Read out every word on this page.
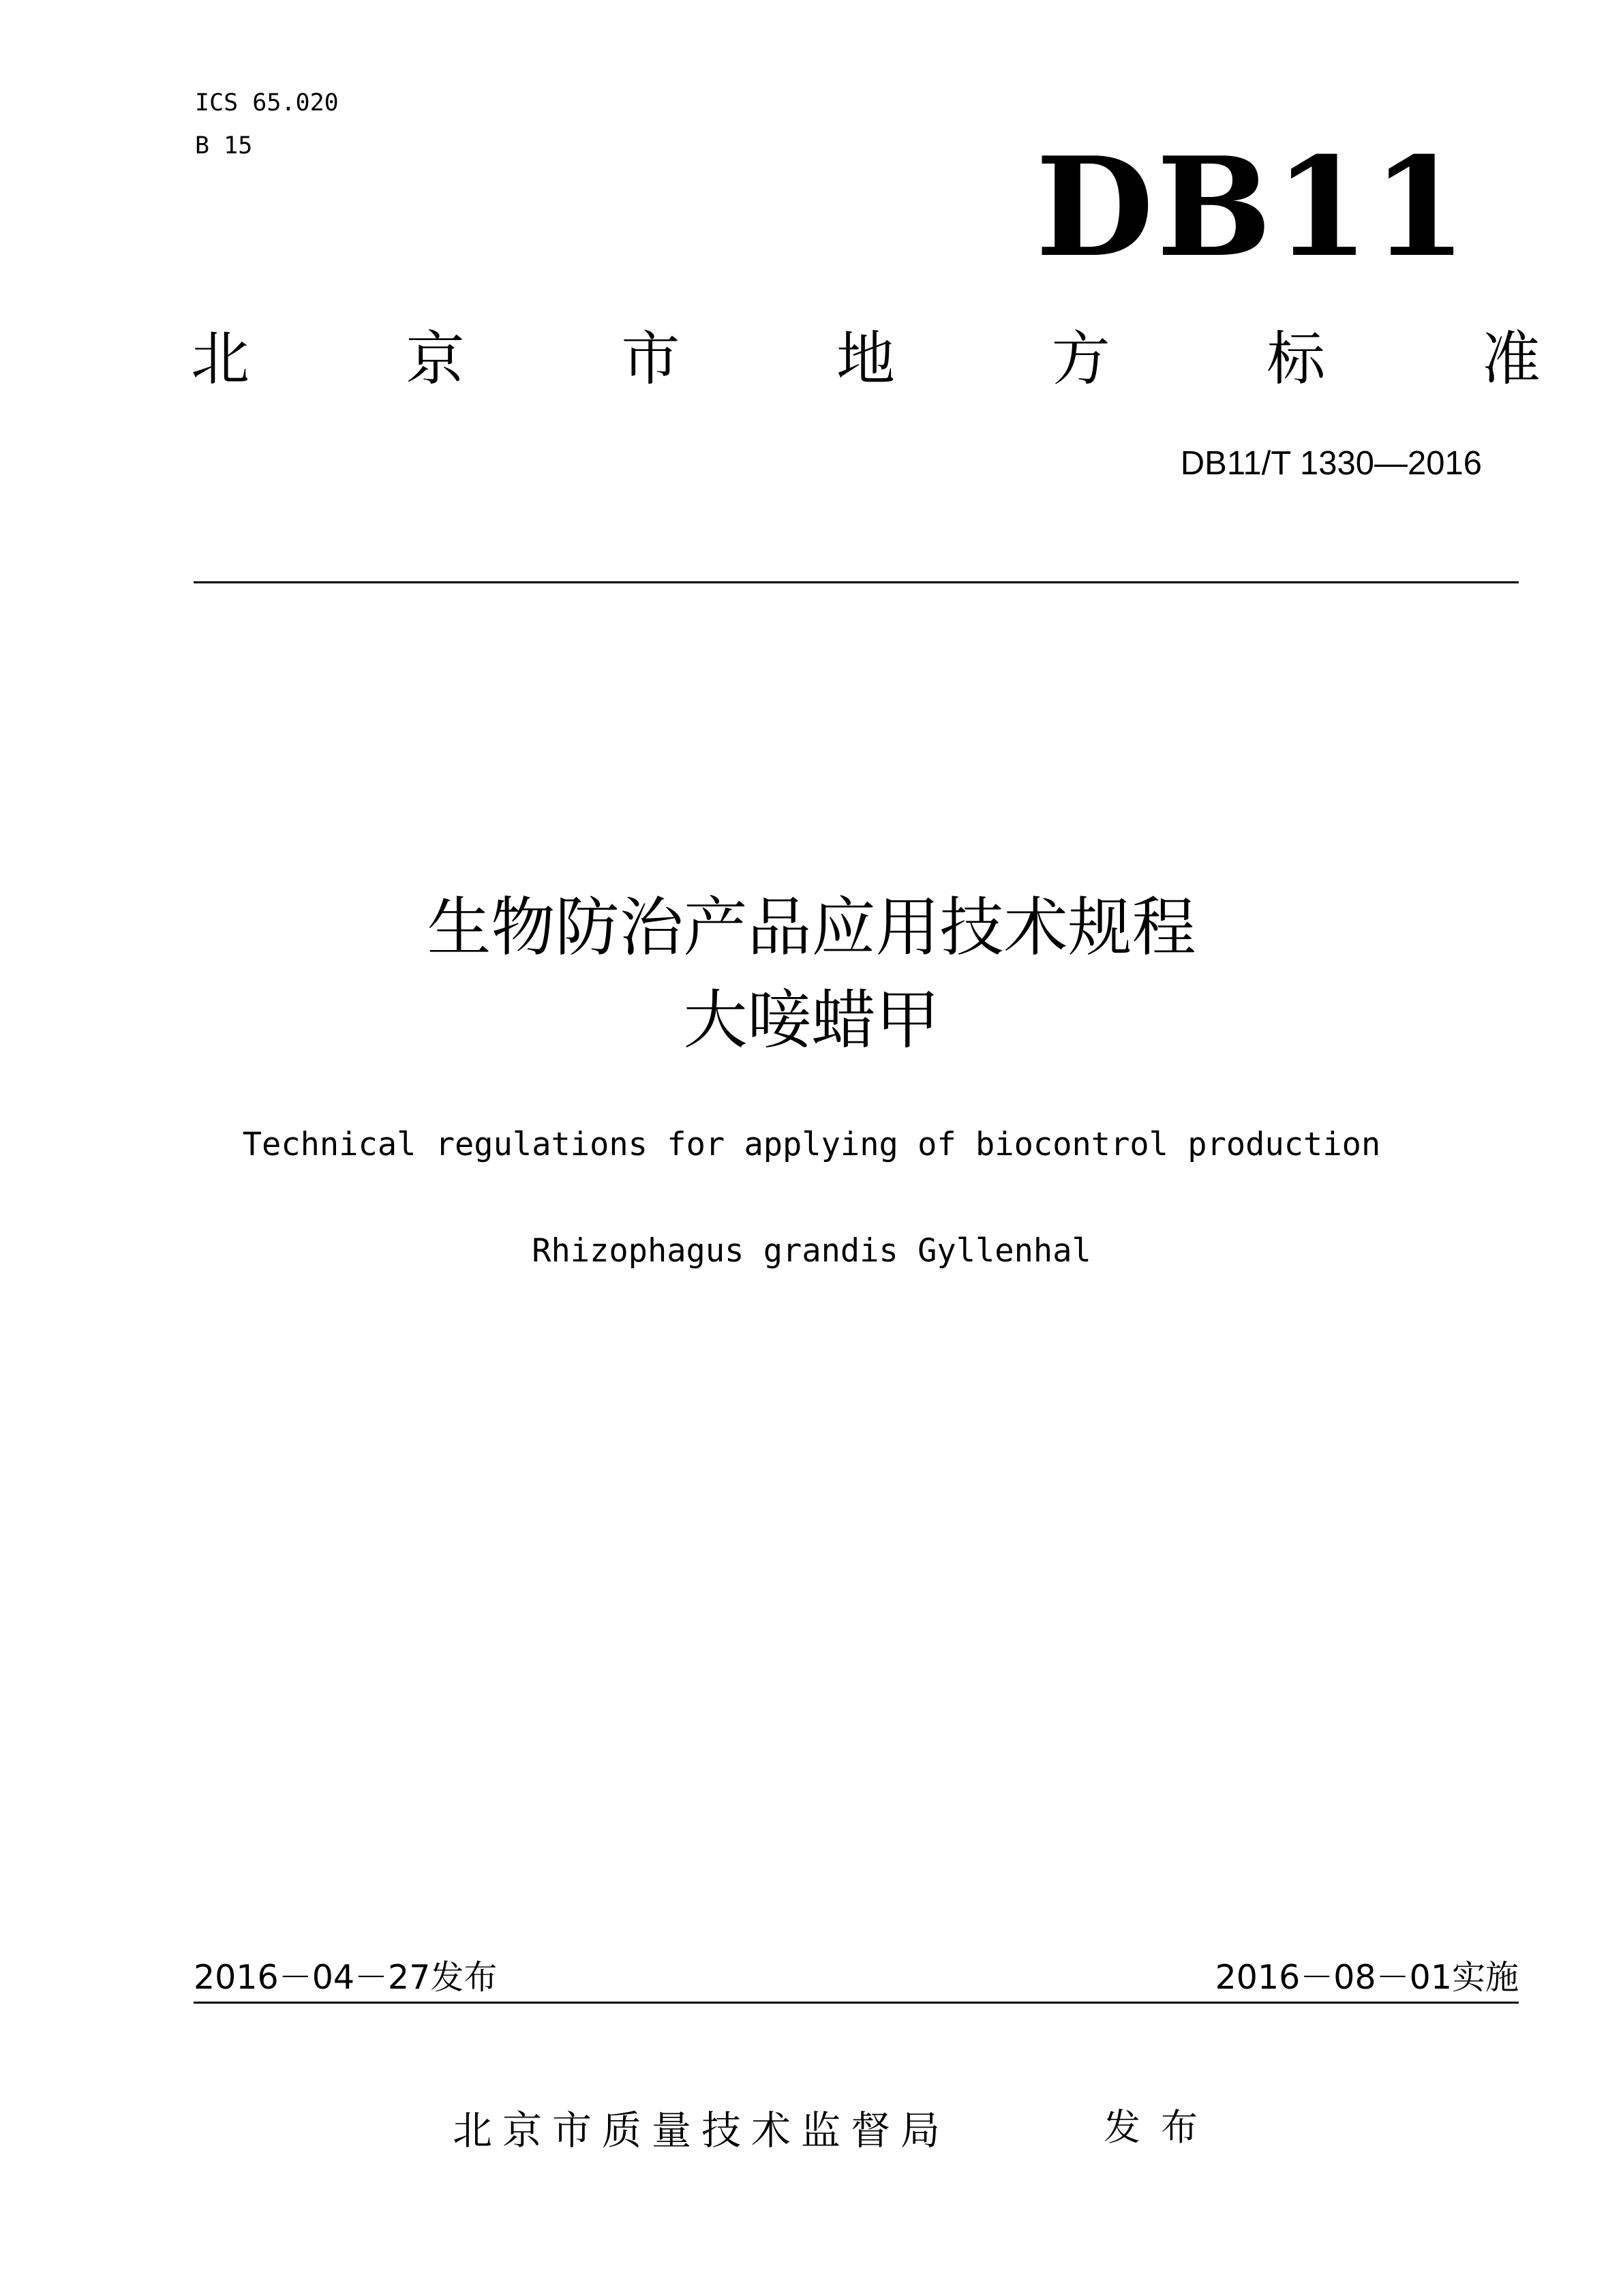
ICS 65.020
B 15	DB11
北	京	市	地	方	标	准
DB11/T 1330—2016
生物防治产品应用技术规程
大唼蜡甲
Technical regulations for applying of biocontrol production
Rhizophagus grandis Gyllenhal
2016－04－27发布	2016－08－01实施
北京市质量技术监督局	发布
